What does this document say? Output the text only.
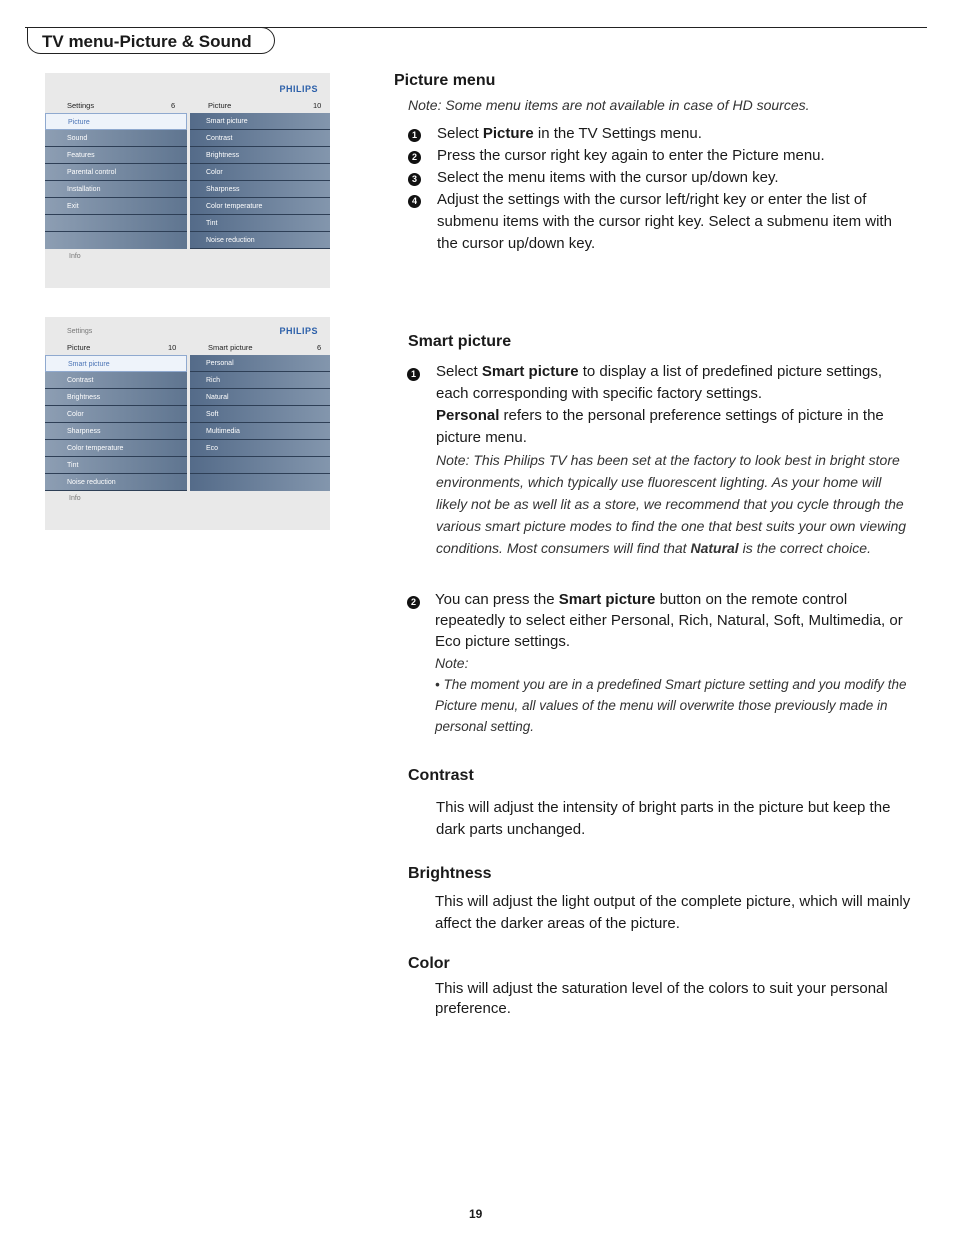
TV menu-Picture & Sound
PHILIPS
Settings	6	Picture	10
Picture
Sound
Features
Parental control
Installation
Exit
Smart picture
Contrast
Brightness
Color
Sharpness
Color temperature
Tint
Noise reduction
Info
Settings	PHILIPS
Picture	10	Smart picture	6
Smart picture
Contrast
Brightness
Color
Sharpness
Color temperature
Tint
Noise reduction
Personal
Rich
Natural
Soft
Multimedia
Eco
Info
Picture menu
Note: Some menu items are not available in case of HD sources.
1 Select Picture in the TV Settings menu.
2 Press the cursor right key again to enter the Picture menu.
3 Select the menu items with the cursor up/down key.
4 Adjust the settings with the cursor left/right key or enter the list of submenu items with the cursor right key. Select a submenu item with the cursor up/down key.
Smart picture
1 Select Smart picture to display a list of predefined picture settings, each corresponding with specific factory settings.
Personal refers to the personal preference settings of picture in the picture menu.
Note: This Philips TV has been set at the factory to look best in bright store environments, which typically use fluorescent lighting. As your home will likely not be as well lit as a store, we recommend that you cycle through the various smart picture modes to find the one that best suits your own viewing conditions. Most consumers will find that Natural is the correct choice.
2 You can press the Smart picture button on the remote control repeatedly to select either Personal, Rich, Natural, Soft, Multimedia, or Eco picture settings.
Note:
• The moment you are in a predefined Smart picture setting and you modify the Picture menu, all values of the menu will overwrite those previously made in personal setting.
Contrast
This will adjust the intensity of bright parts in the picture but keep the dark parts unchanged.
Brightness
This will adjust the light output of the complete picture, which will mainly affect the darker areas of the picture.
Color
This will adjust the saturation level of the colors to suit your personal preference.
19
